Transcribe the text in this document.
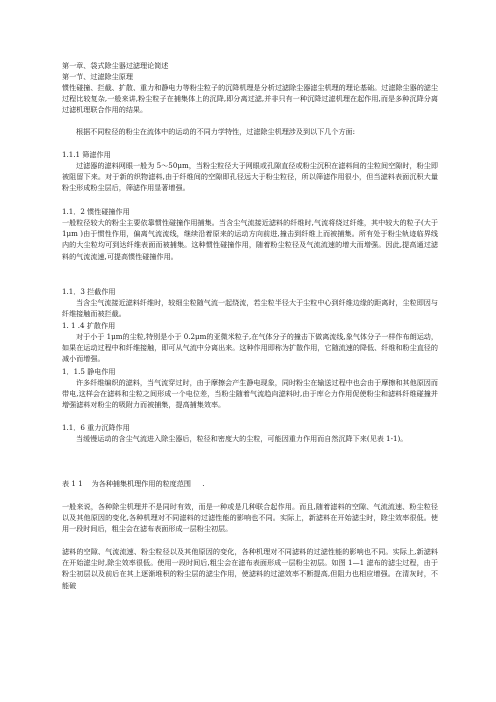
第一章、袋式除尘器过滤理论简述
第一节、过滤除尘原理
惯性碰撞、拦截、扩散、重力和静电力等粉尘粒子的沉降机理是分析过滤除尘器滤尘机理的理论基础。过滤除尘器的滤尘过程比较复杂,一般来讲,粉尘粒子在捕集体上的沉降,即分离过滤,并非只有一种沉降过滤机理在起作用,而是多种沉降分离过滤机理联合作用的结果。
根据不同粒径的粉尘在流体中的运动的不同力学特性，过滤除尘机理涉及到以下几个方面:
1.1.1 筛滤作用
过滤器的滤料网眼一般为 5～50μm，当粉尘粒径大于网眼或孔隙直径或粉尘沉积在滤料间的尘粒间空隙时，粉尘即被阻留下来。对于新的织物滤料,由于纤维间的空隙即孔径远大于粉尘粒径，所以筛滤作用很小，但当滤料表面沉积大量粉尘形成粉尘层后，筛滤作用显著增强。
1.1．2 惯性碰撞作用
一般粒径较大的粉尘主要依靠惯性碰撞作用捕集。当含尘气流接近滤料的纤维时,气流将绕过纤维，其中较大的粒子(大于 1μm )由于惯性作用，偏离气流流线，继续沿着原来的运动方向前进,撞击到纤维上而被捕集。所有处于粉尘轨迹临界线内的大尘粒均可到达纤维表面而被捕集。这种惯性碰撞作用，随着粉尘粒径及气流流速的增大而增强。因此,提高通过滤料的气流流速,可提高惯性碰撞作用。
1.1．3 拦截作用
当含尘气流接近滤料纤维时，较细尘粒随气流一起绕流，若尘粒半径大于尘粒中心到纤维边缘的距离时，尘粒即因与纤维接触而被拦截。
1. 1 .4 扩散作用
对于小于 1μm的尘粒,特别是小于 0.2μm的亚微米粒子,在气体分子的撞击下做离流线,象气体分子一样作布朗运动，如果在运动过程中和纤维接触，即可从气流中分离出来。这种作用即称为扩散作用，它随流速的降低、纤维和粉尘直径的减小而增强。
1．1.5 静电作用
许多纤维编织的滤料，当气流穿过时，由于摩擦会产生静电现象，同时粉尘在输送过程中也会由于摩擦和其他原因而带电,这样会在滤料和尘粒之间形成一个电位差，当粉尘随着气流趋向滤料时,由于库仑力作用促使粉尘和滤料纤维碰撞并增强滤料对粉尘的吸附力而被捕集，提高捕集效率。
1.1．6 重力沉降作用
当缓慢运动的含尘气流进入除尘器后，粒径和密度大的尘粒，可能因重力作用而自然沉降下来(见表 1-1)。
表 1 1    为各种捕集机理作用的粒度范围     .
一般来说，各种除尘机理并不是同时有效，而是一种或是几种联合起作用。而且,随着滤料的空隙、气流流速、粉尘粒径以及其他原因的变化,各种机理对不同滤料的过滤性能的影响也不同。实际上，新滤料在开始滤尘时，除尘效率很低。使用一段时间后，粗尘会在滤布表面形成一层粉尘初层。
滤料的空隙、气流流速、粉尘粒径以及其他原因的变化，各种机理对不同滤料的过滤性能的影响也不同。实际上,新滤料在开始滤尘时,除尘效率很低。使用一段时间后,粗尘会在滤布表面形成一层粉尘初层。如图 1—1 滤布的滤尘过程，由于粉尘初层以及前后在其上逐渐堆积的粉尘层的滤尘作用，使滤料的过滤效率不断提高,但阻力也相应增强。在清灰时，不能破
